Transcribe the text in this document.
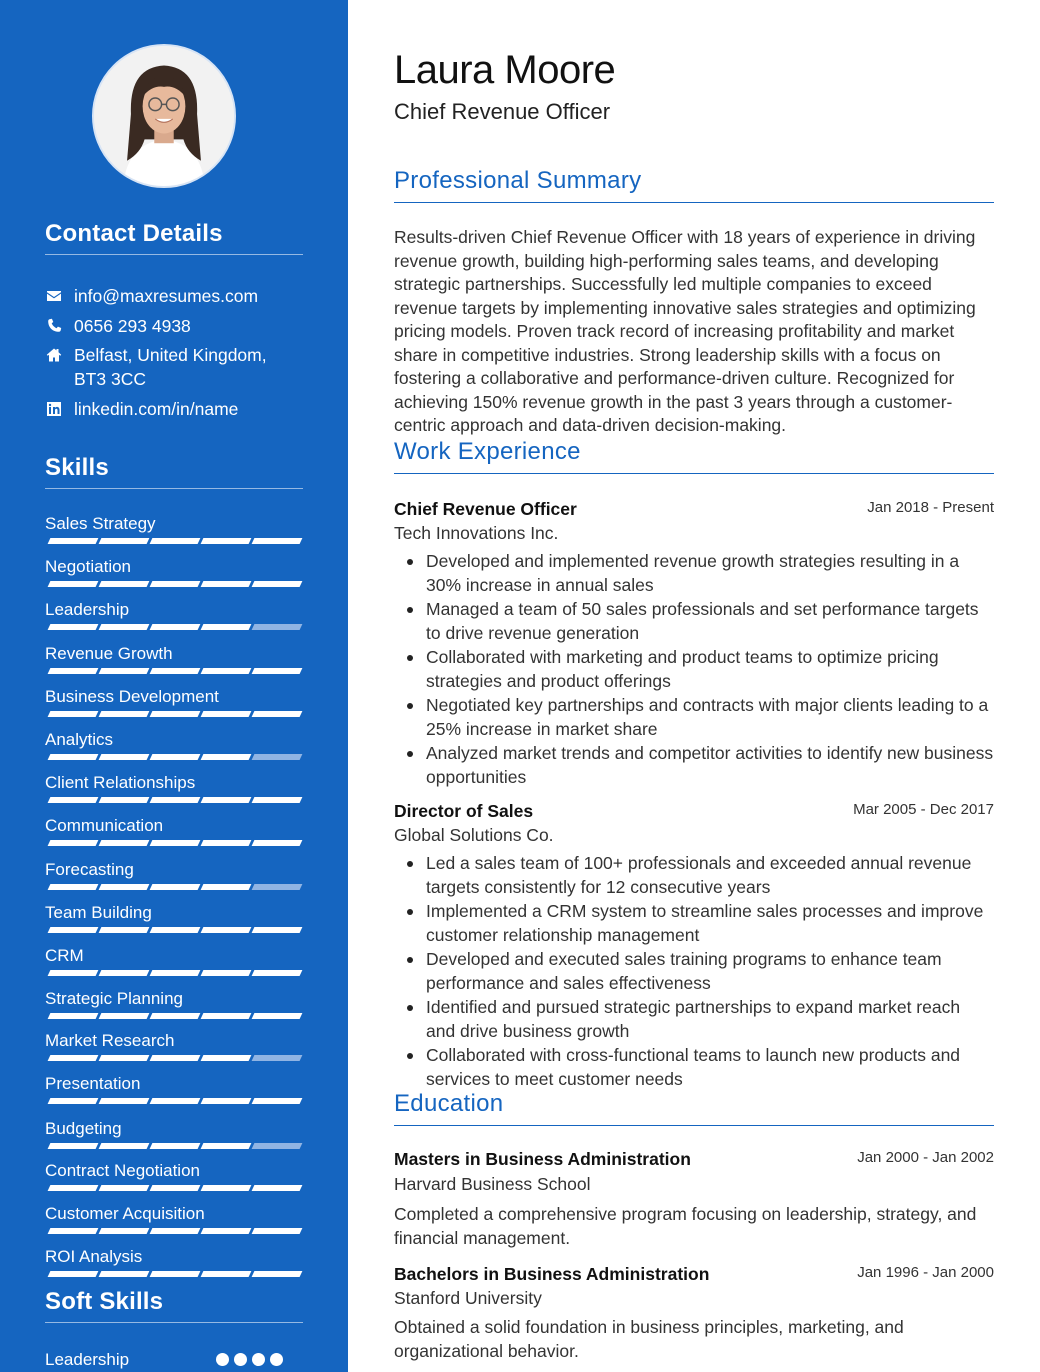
Contact Details
info@maxresumes.com
0656 293 4938
Belfast, United Kingdom,
BT3 3CC
linkedin.com/in/name
Skills
Sales Strategy
Negotiation
Leadership
Revenue Growth
Business Development
Analytics
Client Relationships
Communication
Forecasting
Team Building
CRM
Strategic Planning
Market Research
Presentation
Budgeting
Contract Negotiation
Customer Acquisition
ROI Analysis
Soft Skills
Leadership
Laura Moore
Chief Revenue Officer
Professional Summary
Results-driven Chief Revenue Officer with 18 years of experience in driving revenue growth, building high-performing sales teams, and developing strategic partnerships. Successfully led multiple companies to exceed revenue targets by implementing innovative sales strategies and optimizing pricing models. Proven track record of increasing profitability and market share in competitive industries. Strong leadership skills with a focus on fostering a collaborative and performance-driven culture. Recognized for achieving 150% revenue growth in the past 3 years through a customer-centric approach and data-driven decision-making.
Work Experience
Chief Revenue Officer	Jan 2018 - Present
Tech Innovations Inc.
Developed and implemented revenue growth strategies resulting in a 30% increase in annual sales
Managed a team of 50 sales professionals and set performance targets to drive revenue generation
Collaborated with marketing and product teams to optimize pricing strategies and product offerings
Negotiated key partnerships and contracts with major clients leading to a 25% increase in market share
Analyzed market trends and competitor activities to identify new business opportunities
Director of Sales	Mar 2005 - Dec 2017
Global Solutions Co.
Led a sales team of 100+ professionals and exceeded annual revenue targets consistently for 12 consecutive years
Implemented a CRM system to streamline sales processes and improve customer relationship management
Developed and executed sales training programs to enhance team performance and sales effectiveness
Identified and pursued strategic partnerships to expand market reach and drive business growth
Collaborated with cross-functional teams to launch new products and services to meet customer needs
Education
Masters in Business Administration	Jan 2000 - Jan 2002
Harvard Business School
Completed a comprehensive program focusing on leadership, strategy, and financial management.
Bachelors in Business Administration	Jan 1996 - Jan 2000
Stanford University
Obtained a solid foundation in business principles, marketing, and organizational behavior.
